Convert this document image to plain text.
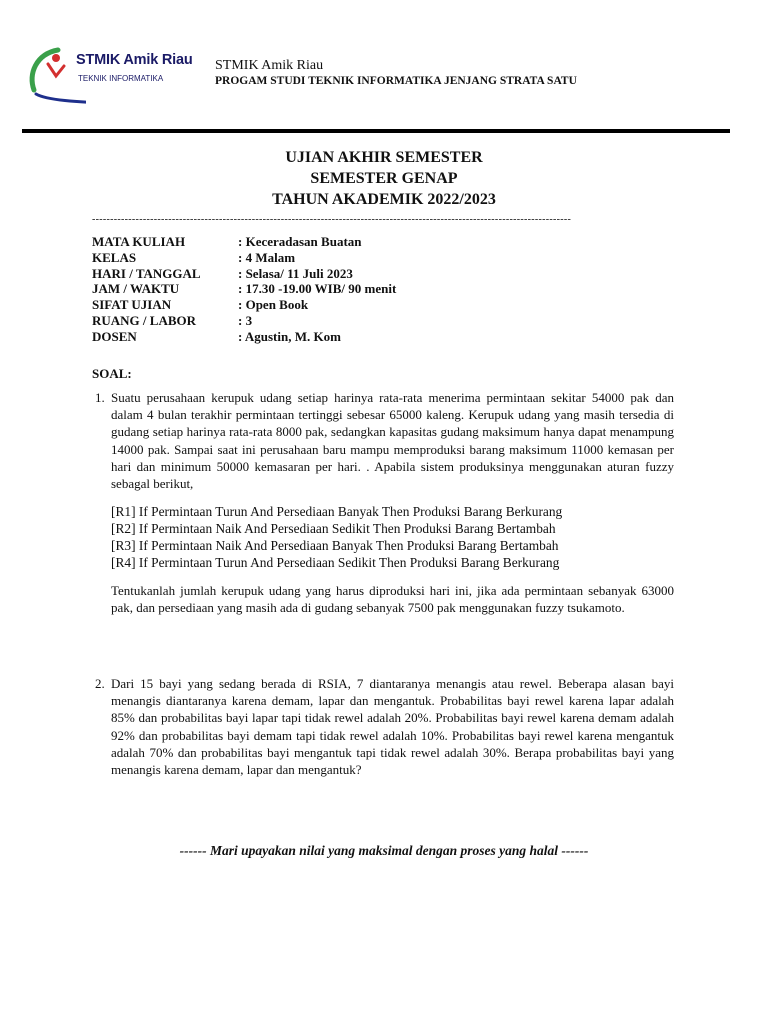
STMIK Amik Riau
TEKNIK INFORMATIKA
STMIK Amik Riau
PROGAM STUDI TEKNIK INFORMATIKA JENJANG STRATA SATU
UJIAN AKHIR SEMESTER
SEMESTER GENAP
TAHUN AKADEMIK 2022/2023
------------------------------------------------------------------------------------------------------------------------------------
MATA KULIAH	: Keceradasan Buatan
KELAS	: 4 Malam
HARI / TANGGAL	: Selasa/ 11 Juli 2023
JAM / WAKTU	: 17.30 -19.00 WIB/ 90 menit
SIFAT UJIAN	: Open Book
RUANG / LABOR	: 3
DOSEN	: Agustin, M. Kom
SOAL:
1. Suatu perusahaan kerupuk udang setiap harinya rata-rata menerima permintaan sekitar 54000 pak dan dalam 4 bulan terakhir permintaan tertinggi sebesar 65000 kaleng. Kerupuk udang yang masih tersedia di gudang setiap harinya rata-rata 8000 pak, sedangkan kapasitas gudang maksimum hanya dapat menampung 14000 pak. Sampai saat ini perusahaan baru mampu memproduksi barang maksimum 11000 kemasan per hari dan minimum 50000 kemasaran per hari. . Apabila sistem produksinya menggunakan aturan fuzzy sebagal berikut,
[R1] If Permintaan Turun And Persediaan Banyak Then Produksi Barang Berkurang
[R2] If Permintaan Naik And Persediaan Sedikit Then Produksi Barang Bertambah
[R3] If Permintaan Naik And Persediaan Banyak Then Produksi Barang Bertambah
[R4] If Permintaan Turun And Persediaan Sedikit Then Produksi Barang Berkurang
Tentukanlah jumlah kerupuk udang yang harus diproduksi hari ini, jika ada permintaan sebanyak 63000 pak, dan persediaan yang masih ada di gudang sebanyak 7500 pak menggunakan fuzzy tsukamoto.
2. Dari 15 bayi yang sedang berada di RSIA, 7 diantaranya menangis atau rewel. Beberapa alasan bayi menangis diantaranya karena demam, lapar dan mengantuk. Probabilitas bayi rewel karena lapar adalah 85% dan probabilitas bayi lapar tapi tidak rewel adalah 20%. Probabilitas bayi rewel karena demam adalah 92% dan probabilitas bayi demam tapi tidak rewel adalah 10%. Probabilitas bayi rewel karena mengantuk adalah 70% dan probabilitas bayi mengantuk tapi tidak rewel adalah 30%. Berapa probabilitas bayi yang menangis karena demam, lapar dan mengantuk?
------ Mari upayakan nilai yang maksimal dengan proses yang halal ------
